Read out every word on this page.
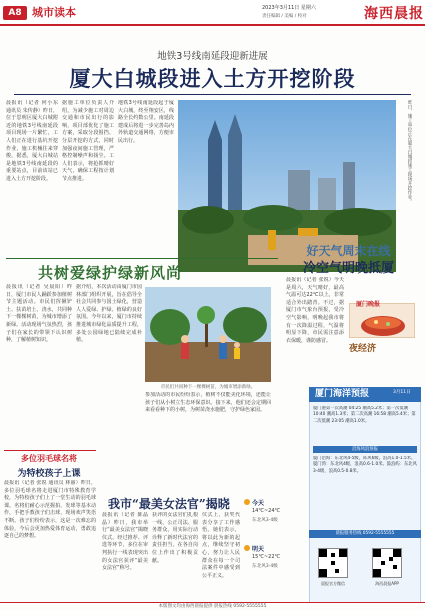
A8 城市读本	2023年3月11日 星期六
责任编辑 / 美编 / 校对	海西晨报
地铁3号线南延段迎新进展
厦大白城段进入土方开挖阶段
晨报讯（记者 何小东 通讯员 朱传静）昨日，位于思明区厦大白城附近的地铁3号线南延段项目现场一片繁忙，工人们正在进行基坑开挖作业，施工机械往来穿梭。据悉，厦大白城站是地铁3号线南延段的重要站点，目前该站已进入土方开挖阶段。
据施工单位负责人介绍，为减少施工对周边交通和市民出行的影响，项目部优化了施工方案，采取分段围挡、分层开挖的方式，同时加强夜间施工管理，严格控制噪声和扬尘。工人们表示，将抢抓晴好天气，确保工程按计划节点推进。
地铁3号线南延段起于厦大白城，终至翔安区，线路全长约数公里。南延段建成后将进一步完善岛内外轨道交通网络，方便市民出行。	昨日，施工单位正在厦大白城段施工现场开挖作业。
共树爱绿护绿新风尚
晨报讯（记者 吴晨阳）昨日，厦门市民人踊跃参加植树节主题活动。市民们挥锹铲土、扶苗培土、浇水，共同种下一棵棵树苗，为城市增添了新绿。活动现场气氛热烈，孩子们在家长的带领下认识树种，了解植树知识。
据介绍，本次活动由厦门市园林部门组织开展，旨在倡导全社会共同参与国土绿化，营造人人爱绿、护绿、植绿的良好氛围。今年以来，厦门市持续推进城市绿化品质提升工程，多处公园绿地已陆续完成补植。
市民们共同种下一棵棵树苗，为城市增添新绿。
参加活动的市民纷纷表示，植树不仅能美化环境，还能让孩子们从小树立生态环保意识。接下来，他们还会定期回来看看种下的小树，为树苗浇水施肥，守护绿色家园。
好天气周末在线
冷空气明晚抵厦
晨报讯（记者 张锐）今天是周六，天气晴好，最高气温可达22℃以上，非常适合外出踏青。不过，据厦门市气象台预报，受冷空气影响，明晚起我市将有一次降温过程，气温将明显下降，市民需注意添衣保暖，谨防感冒。
厦门晚报
夜经济
今天
14℃~24℃
东北风3-4级
明天
15℃~22℃
东北风3-4级
厦门海洋预报	3月11日
厦门港第一次高潮 04:25 潮高5.2米；第一次低潮 10:40 潮高1.3米；第二次高潮 16:58 潮高5.4米；第二次低潮 23:05 潮高1.0米。
沿海风浪预报
厦门沿海：东北风4-5级，阵风6级，浪高1.0-1.5米。厦门湾：东北风4级，浪高0.6-1.0米。鼓浪屿：东北风3-4级，浪高0.5-0.8米。
晨报服务热线 0592-5555555
晨报官方微信	海西晨报APP
多位羽毛球名将
为特校孩子上课
晨报讯（记者 张锐 通讯员 林丽）昨日，多位羽毛球名将走进厦门市特殊教育学校，为特校孩子们上了一堂生动的羽毛球课。名将们耐心示范握拍、发球等基本动作，手把手教孩子们击球，现场欢声笑语不断。孩子们纷纷表示，这是一次难忘的体验，今后会更加热爱体育运动，勇敢追逐自己的梦想。
我市“最美女法官”揭晓
晨报讯（记者 陈晶晶）昨日，我市举行“最美女法官”揭晓仪式。经过推荐、评选等环节，多位在审判执行一线表现突出的女法官获评“最美女法官”称号。
获评的女法官们扎根一线，公正司法、服务群众，用实际行动诠释了新时代法官的责任担当，在各自岗位上作出了积极贡献。
仪式上，获奖代表分享了工作感悟。她们表示，将以此为新的起点，继续坚守初心，努力让人民群众在每一个司法案件中感受到公平正义。
本版图文均由海西晨报提供 晨报热线 0592-5555555
